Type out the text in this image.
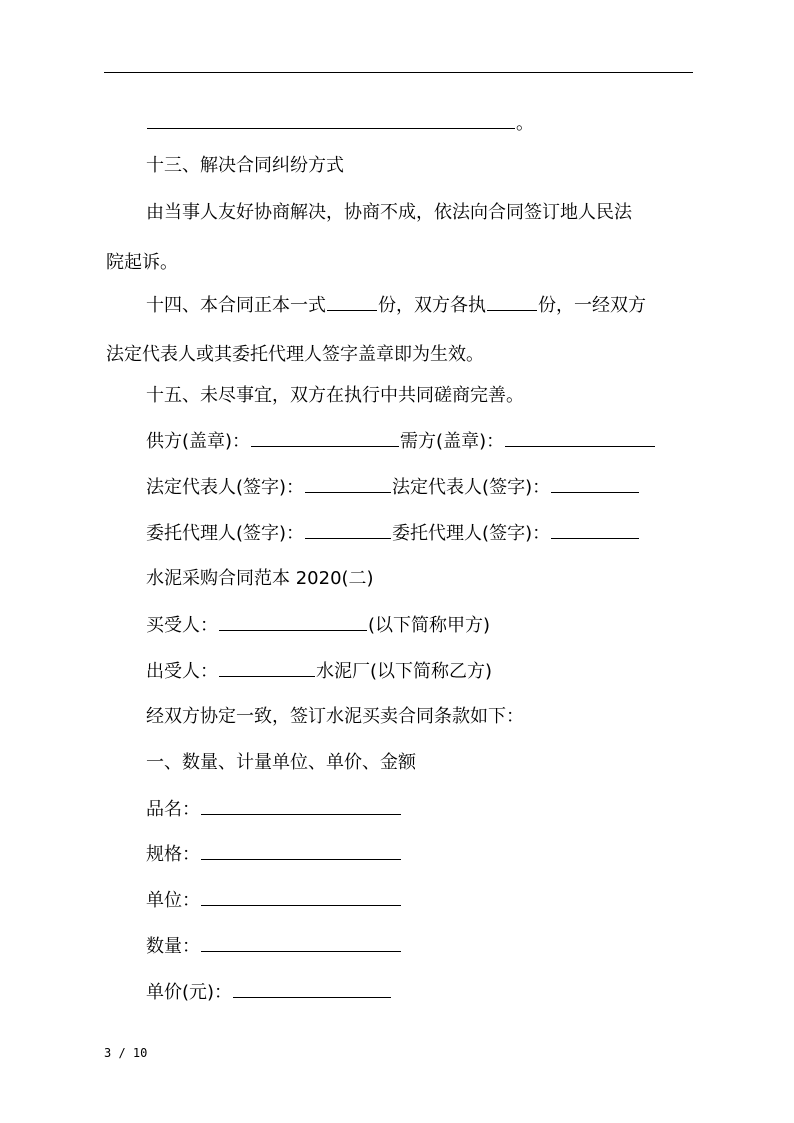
。
十三、解决合同纠纷方式
由当事人友好协商解决，协商不成，依法向合同签订地人民法
院起诉。
十四、本合同正本一式	份，双方各执	份，一经双方
法定代表人或其委托代理人签字盖章即为生效。
十五、未尽事宜，双方在执行中共同磋商完善。
供方(盖章)：	需方(盖章)：
法定代表人(签字)：	法定代表人(签字)：
委托代理人(签字)：	委托代理人(签字)：
水泥采购合同范本 2020(二)
买受人：	(以下简称甲方)
出受人：	水泥厂(以下简称乙方)
经双方协定一致，签订水泥买卖合同条款如下：
一、数量、计量单位、单价、金额
品名：
规格：
单位：
数量：
单价(元)：
3 / 10
